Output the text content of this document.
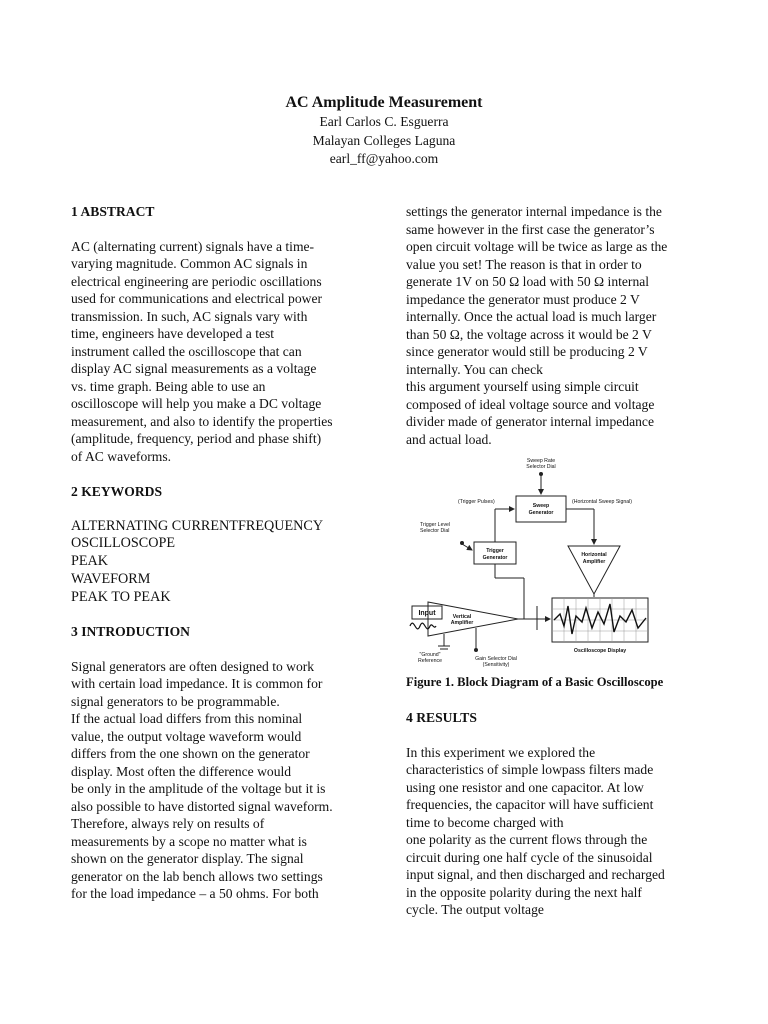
AC Amplitude Measurement
Earl Carlos C. Esguerra
Malayan Colleges Laguna
earl_ff@yahoo.com

1 ABSTRACT

AC (alternating current) signals have a time-
varying magnitude. Common AC signals in
electrical engineering are periodic oscillations
used for communications and electrical power
transmission. In such, AC signals vary with
time, engineers have developed a test
instrument called the oscilloscope that can
display AC signal measurements as a voltage
vs. time graph. Being able to use an
oscilloscope will help you make a DC voltage
measurement, and also to identify the properties
(amplitude, frequency, period and phase shift)
of AC waveforms.

2 KEYWORDS

ALTERNATING CURRENTFREQUENCY
OSCILLOSCOPE
PEAK
WAVEFORM
PEAK TO PEAK

3 INTRODUCTION

Signal generators are often designed to work
with certain load impedance. It is common for
signal generators to be programmable.
If the actual load differs from this nominal
value, the output voltage waveform would
differs from the one shown on the generator
display. Most often the difference would
be only in the amplitude of the voltage but it is
also possible to have distorted signal waveform.
Therefore, always rely on results of
measurements by a scope no matter what is
shown on the generator display. The signal
generator on the lab bench allows two settings
for the load impedance – a 50 ohms. For both
settings the generator internal impedance is the
same however in the first case the generator’s
open circuit voltage will be twice as large as the
value you set! The reason is that in order to
generate 1V on 50 Ω load with 50 Ω internal
impedance the generator must produce 2 V
internally. Once the actual load is much larger
than 50 Ω, the voltage across it would be 2 V
since generator would still be producing 2 V
internally. You can check
this argument yourself using simple circuit
composed of ideal voltage source and voltage
divider made of generator internal impedance
and actual load.
Sweep Rate
Selector Dial
Sweep
Generator
(Trigger Pulses)	(Horizontal Sweep Signal)
Trigger Level
Selector Dial
Trigger
Generator	Horizontal
Amplifier
Input	Vertical
Amplifier
Oscilloscope Display
"Ground"
Reference	Gain Selector Dial
(Sensitivity)
Figure 1. Block Diagram of a Basic Oscilloscope

4 RESULTS

In this experiment we explored the
characteristics of simple lowpass filters made
using one resistor and one capacitor. At low
frequencies, the capacitor will have sufficient
time to become charged with
one polarity as the current flows through the
circuit during one half cycle of the sinusoidal
input signal, and then discharged and recharged
in the opposite polarity during the next half
cycle. The output voltage
